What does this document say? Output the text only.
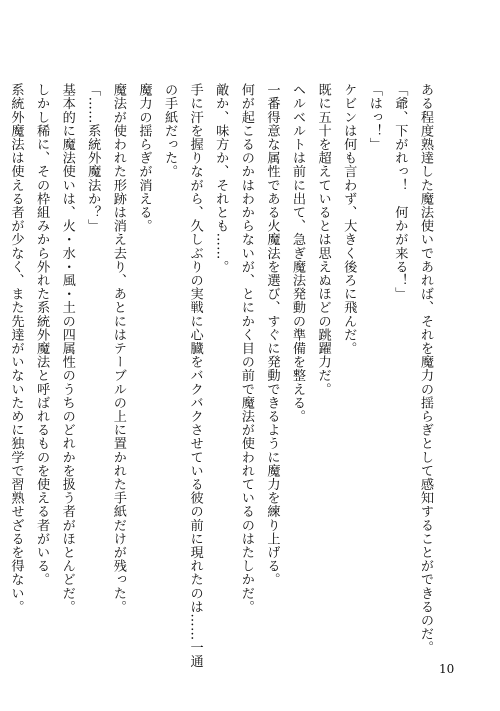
ある程度熟達した魔法使いであれば、それを魔力の揺らぎとして感知することができるのだ。
「爺、下がれっ！　何かが来る！」
「はっ！」
ケビンは何も言わず、大きく後ろに飛んだ。
既に五十を超えているとは思えぬほどの跳躍力だ。
ヘルベルトは前に出て、急ぎ魔法発動の準備を整える。
一番得意な属性である火魔法を選び、すぐに発動できるように魔力を練り上げる。
何が起こるのかはわからないが、とにかく目の前で魔法が使われているのはたしかだ。
敵か、味方か、それとも……。
手に汗を握りながら、久しぶりの実戦に心臓をバクバクさせている彼の前に現れたのは……一通
の手紙だった。
魔力の揺らぎが消える。
魔法が使われた形跡は消え去り、あとにはテーブルの上に置かれた手紙だけが残った。
「……系統外魔法か？」
基本的に魔法使いは、火・水・風・土の四属性のうちのどれかを扱う者がほとんどだ。
しかし稀に、その枠組みから外れた系統外魔法と呼ばれるものを使える者がいる。
系統外魔法は使える者が少なく、また先達がいないために独学で習熟せざるを得ない。
10
